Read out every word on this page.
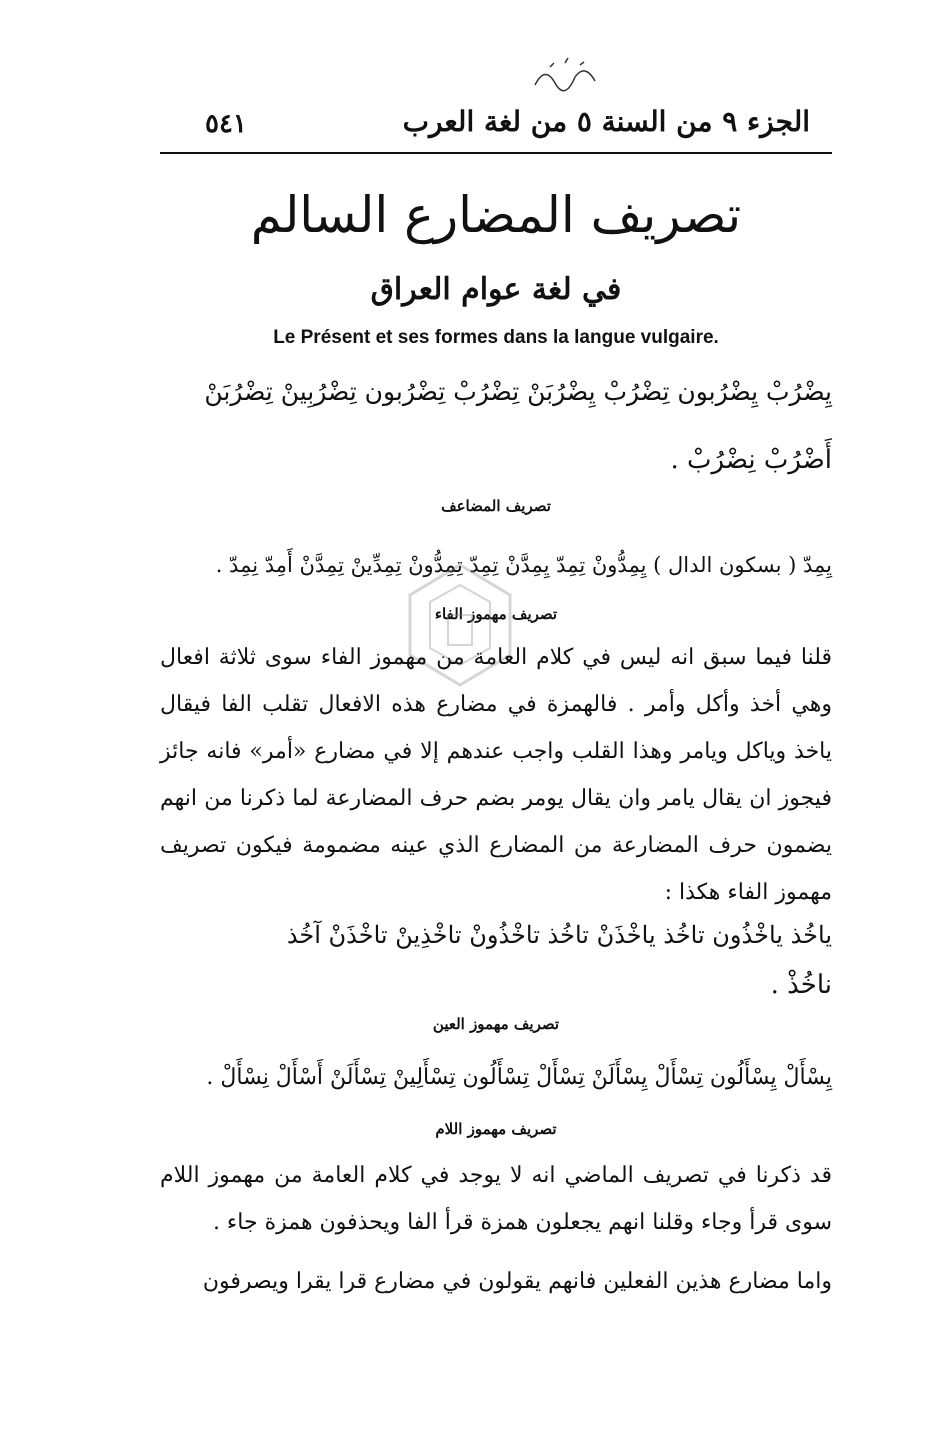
الجزء ٩ من السنة ٥ من لغة العرب
٥٤١
تصريف المضارع السالم
في لغة عوام العراق
Le Présent et ses formes dans la langue vulgaire.
يِضْرُبْ يِضْرُبون تِضْرُبْ يِضْرُبَنْ تِضْرُبْ تِضْرُبون تِضْرُبِينْ تِضْرُبَنْ
أَضْرُبْ نِضْرُبْ .
تصريف المضاعف
يِمِدّ ( بسكون الدال ) يِمِدُّونْ تِمِدّ يِمِدَّنْ تِمِدّ تِمِدُّونْ تِمِدِّينْ تِمِدَّنْ أَمِدّ نِمِدّ .
تصريف مهموز الفاء
قلنا فيما سبق انه ليس في كلام العامة من مهموز الفاء سوى ثلاثة افعال وهي أخذ وأكل وأمر . فالهمزة في مضارع هذه الافعال تقلب الفا فيقال ياخذ وياكل ويامر وهذا القلب واجب عندهم إلا في مضارع «أمر» فانه جائز فيجوز ان يقال يامر وان يقال يومر بضم حرف المضارعة لما ذكرنا من انهم يضمون حرف المضارعة من المضارع الذي عينه مضمومة فيكون تصريف مهموز الفاء هكذا :
ياخُذ ياخْذُون تاخُذ ياخْذَنْ تاخُذ تاخْذُونْ تاخْذِينْ تاخْذَنْ آخُذ
ناخُذْ .
تصريف مهموز العين
يِسْأَلْ يِسْأَلُون تِسْأَلْ يِسْأَلَنْ تِسْأَلْ تِسْأَلُون تِسْأَلِينْ تِسْأَلَنْ أَسْأَلْ نِسْأَلْ .
تصريف مهموز اللام
قد ذكرنا في تصريف الماضي انه لا يوجد في كلام العامة من مهموز اللام سوى قرأ وجاء وقلنا انهم يجعلون همزة قرأ الفا ويحذفون همزة جاء .
واما مضارع هذين الفعلين فانهم يقولون في مضارع قرا يقرا ويصرفون
